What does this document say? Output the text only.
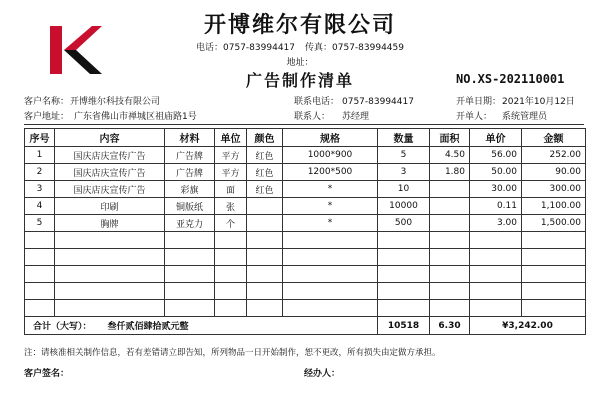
开博维尔有限公司
电话：0757-83994417 传真：0757-83994459
地址：
广告制作清单	NO.XS-202110001
客户名称： 开博维尔科技有限公司	联系电话： 0757-83994417	开单日期： 2021年10月12日
客户地址： 广东省佛山市禅城区祖庙路1号	联系人： 苏经理	开单人： 系统管理员
序号	内容	材料	单位	颜色	规格	数量	面积	单价	金额
1	国庆店庆宣传广告	广告牌	平方	红色	1000*900	5	4.50	56.00	252.00
2	国庆店庆宣传广告	广告牌	平方	红色	1200*500	3	1.80	50.00	90.00
3	国庆店庆宣传广告	彩旗	面	红色	*	10		30.00	300.00
4	印刷	铜版纸	张		*	10000		0.11	1,100.00
5	胸牌	亚克力	个		*	500		3.00	1,500.00

合计（大写）： 叁仟贰佰肆拾贰元整						10518	6.30	¥3,242.00	
注：请核准相关制作信息，若有差错请立即告知，所列物品一日开始制作，恕不更改，所有损失由定做方承担。
客户签名：	经办人：
